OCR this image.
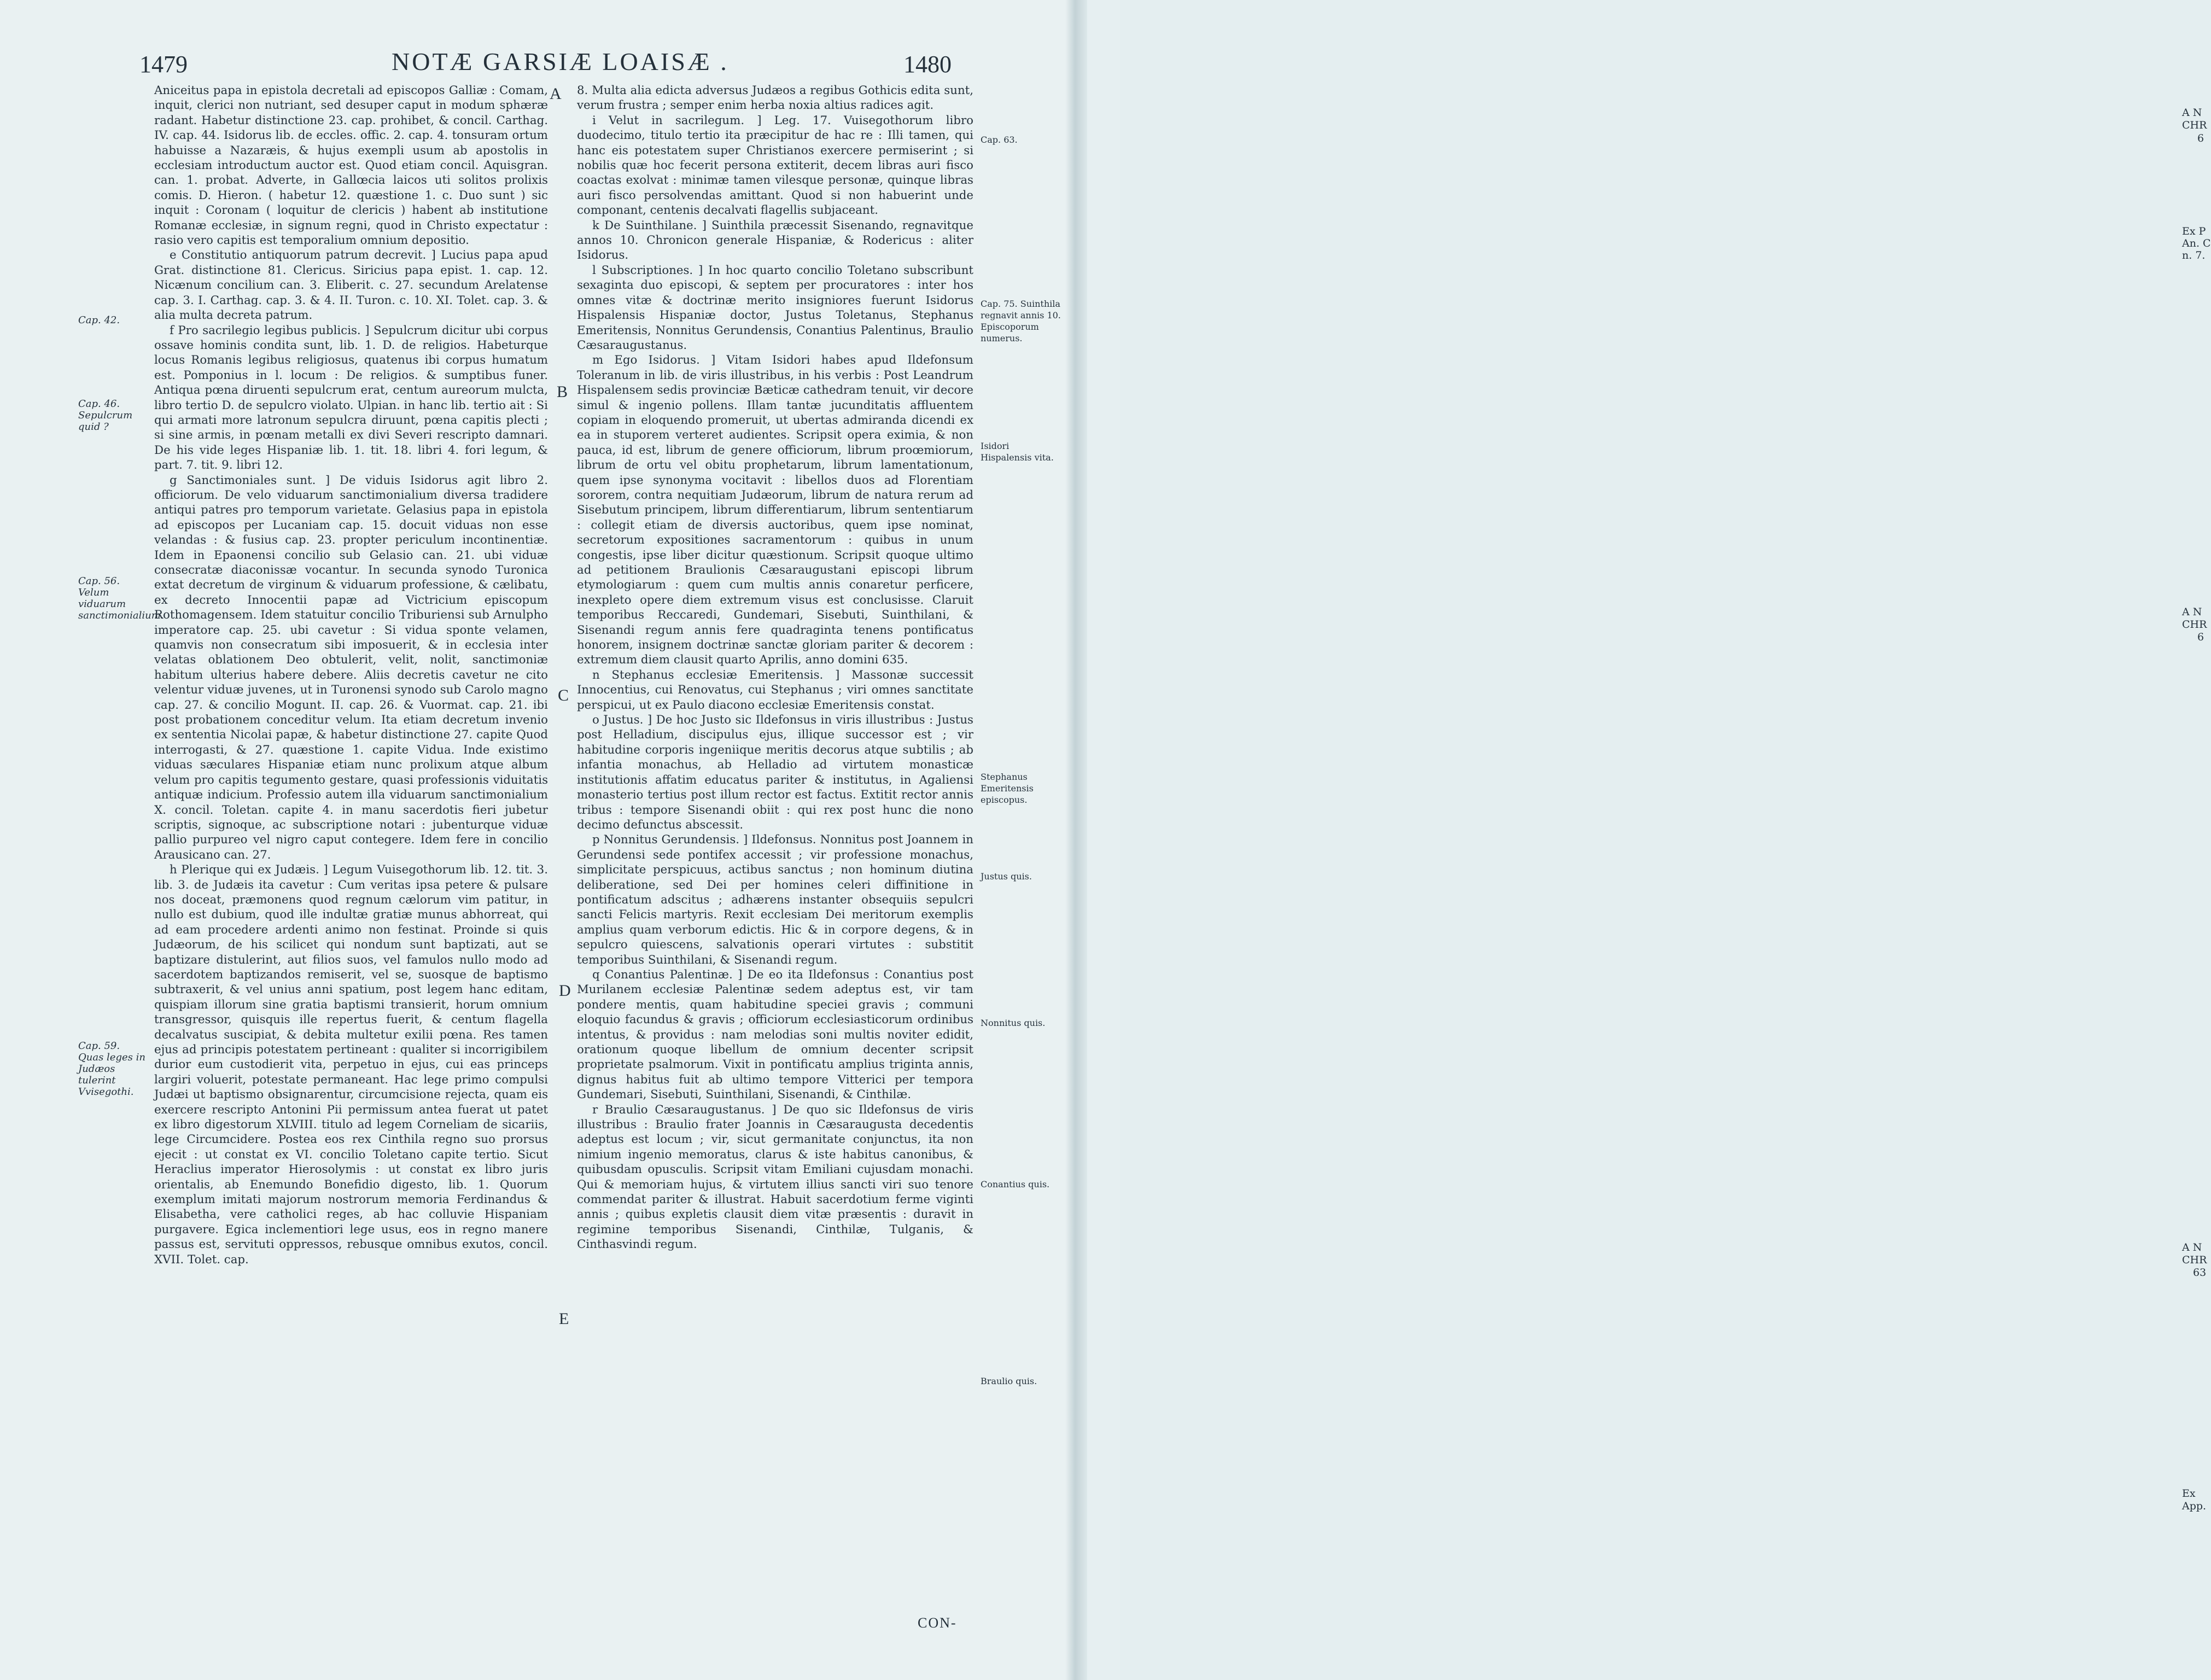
1479	NOTÆ GARSIÆ LOAISÆ .	1480
A
B
C
D
E
Cap. 42.
Cap. 46. Sepulcrum quid ?
Cap. 56. Velum viduarum sanctimonialium.
Cap. 59. Quas leges in Judæos tulerint Vvisegothi.

Aniceitus papa in epistola decretali ad episcopos Galliæ : Comam, inquit, clerici non nutriant, sed desuper caput in modum sphæræ radant. Habetur distinctione 23. cap. prohibet, & concil. Carthag. IV. cap. 44. Isidorus lib. de eccles. offic. 2. cap. 4. tonsuram ortum habuisse a Nazaræis, & hujus exempli usum ab apostolis in ecclesiam introductum auctor est. Quod etiam concil. Aquisgran. can. 1. probat. Adverte, in Gallœcia laicos uti solitos prolixis comis. D. Hieron. ( habetur 12. quæstione 1. c. Duo sunt ) sic inquit : Coronam ( loquitur de clericis ) habent ab institutione Romanæ ecclesiæ, in signum regni, quod in Christo expectatur : rasio vero capitis est temporalium omnium depositio.

e Constitutio antiquorum patrum decrevit. ] Lucius papa apud Grat. distinctione 81. Clericus. Siricius papa epist. 1. cap. 12. Nicænum concilium can. 3. Eliberit. c. 27. secundum Arelatense cap. 3. I. Carthag. cap. 3. & 4. II. Turon. c. 10. XI. Tolet. cap. 3. & alia multa decreta patrum.

f Pro sacrilegio legibus publicis. ] Sepulcrum dicitur ubi corpus ossave hominis condita sunt, lib. 1. D. de religios. Habeturque locus Romanis legibus religiosus, quatenus ibi corpus humatum est. Pomponius in l. locum : De religios. & sumptibus funer. Antiqua pœna diruenti sepulcrum erat, centum aureorum mulcta, libro tertio D. de sepulcro violato. Ulpian. in hanc lib. tertio ait : Si qui armati more latronum sepulcra diruunt, pœna capitis plecti ; si sine armis, in pœnam metalli ex divi Severi rescripto damnari. De his vide leges Hispaniæ lib. 1. tit. 18. libri 4. fori legum, & part. 7. tit. 9. libri 12.

g Sanctimoniales sunt. ] De viduis Isidorus agit libro 2. officiorum. De velo viduarum sanctimonialium diversa tradidere antiqui patres pro temporum varietate. Gelasius papa in epistola ad episcopos per Lucaniam cap. 15. docuit viduas non esse velandas : & fusius cap. 23. propter periculum incontinentiæ. Idem in Epaonensi concilio sub Gelasio can. 21. ubi viduæ consecratæ diaconissæ vocantur. In secunda synodo Turonica extat decretum de virginum & viduarum professione, & cælibatu, ex decreto Innocentii papæ ad Victricium episcopum Rothomagensem. Idem statuitur concilio Triburiensi sub Arnulpho imperatore cap. 25. ubi cavetur : Si vidua sponte velamen, quamvis non consecratum sibi imposuerit, & in ecclesia inter velatas oblationem Deo obtulerit, velit, nolit, sanctimoniæ habitum ulterius habere debere. Aliis decretis cavetur ne cito velentur viduæ juvenes, ut in Turonensi synodo sub Carolo magno cap. 27. & concilio Mogunt. II. cap. 26. & Vuormat. cap. 21. ibi post probationem conceditur velum. Ita etiam decretum invenio ex sententia Nicolai papæ, & habetur distinctione 27. capite Quod interrogasti, & 27. quæstione 1. capite Vidua. Inde existimo viduas sæculares Hispaniæ etiam nunc prolixum atque album velum pro capitis tegumento gestare, quasi professionis viduitatis antiquæ indicium. Professio autem illa viduarum sanctimonialium X. concil. Toletan. capite 4. in manu sacerdotis fieri jubetur scriptis, signoque, ac subscriptione notari : jubenturque viduæ pallio purpureo vel nigro caput contegere. Idem fere in concilio Arausicano can. 27.

h Plerique qui ex Judæis. ] Legum Vuisegothorum lib. 12. tit. 3. lib. 3. de Judæis ita cavetur : Cum veritas ipsa petere & pulsare nos doceat, præmonens quod regnum cælorum vim patitur, in nullo est dubium, quod ille indultæ gratiæ munus abhorreat, qui ad eam procedere ardenti animo non festinat. Proinde si quis Judæorum, de his scilicet qui nondum sunt baptizati, aut se baptizare distulerint, aut filios suos, vel famulos nullo modo ad sacerdotem baptizandos remiserit, vel se, suosque de baptismo subtraxerit, & vel unius anni spatium, post legem hanc editam, quispiam illorum sine gratia baptismi transierit, horum omnium transgressor, quisquis ille repertus fuerit, & centum flagella decalvatus suscipiat, & debita multetur exilii pœna. Res tamen ejus ad principis potestatem pertineant : qualiter si incorrigibilem durior eum custodierit vita, perpetuo in ejus, cui eas princeps largiri voluerit, potestate permaneant. Hac lege primo compulsi Judæi ut baptismo obsignarentur, circumcisione rejecta, quam eis exercere rescripto Antonini Pii permissum antea fuerat ut patet ex libro digestorum XLVIII. titulo ad legem Corneliam de sicariis, lege Circumcidere. Postea eos rex Cinthila regno suo prorsus ejecit : ut constat ex VI. concilio Toletano capite tertio. Sicut Heraclius imperator Hierosolymis : ut constat ex libro juris orientalis, ab Enemundo Bonefidio digesto, lib. 1. Quorum exemplum imitati majorum nostrorum memoria Ferdinandus & Elisabetha, vere catholici reges, ab hac colluvie Hispaniam purgavere. Egica inclementiori lege usus, eos in regno manere passus est, servituti oppressos, rebusque omnibus exutos, concil. XVII. Tolet. cap.

8. Multa alia edicta adversus Judæos a regibus Gothicis edita sunt, verum frustra ; semper enim herba noxia altius radices agit.

i Velut in sacrilegum. ] Leg. 17. Vuisegothorum libro duodecimo, titulo tertio ita præcipitur de hac re : Illi tamen, qui hanc eis potestatem super Christianos exercere permiserint ; si nobilis quæ hoc fecerit persona extiterit, decem libras auri fisco coactas exolvat : minimæ tamen vilesque personæ, quinque libras auri fisco persolvendas amittant. Quod si non habuerint unde componant, centenis decalvati flagellis subjaceant.

k De Suinthilane. ] Suinthila præcessit Sisenando, regnavitque annos 10. Chronicon generale Hispaniæ, & Rodericus : aliter Isidorus.

l Subscriptiones. ] In hoc quarto concilio Toletano subscribunt sexaginta duo episcopi, & septem per procuratores : inter hos omnes vitæ & doctrinæ merito insigniores fuerunt Isidorus Hispalensis Hispaniæ doctor, Justus Toletanus, Stephanus Emeritensis, Nonnitus Gerundensis, Conantius Palentinus, Braulio Cæsaraugustanus.

m Ego Isidorus. ] Vitam Isidori habes apud Ildefonsum Toleranum in lib. de viris illustribus, in his verbis : Post Leandrum Hispalensem sedis provinciæ Bæticæ cathedram tenuit, vir decore simul & ingenio pollens. Illam tantæ jucunditatis affluentem copiam in eloquendo promeruit, ut ubertas admiranda dicendi ex ea in stuporem verteret audientes. Scripsit opera eximia, & non pauca, id est, librum de genere officiorum, librum proœmiorum, librum de ortu vel obitu prophetarum, librum lamentationum, quem ipse synonyma vocitavit : libellos duos ad Florentiam sororem, contra nequitiam Judæorum, librum de natura rerum ad Sisebutum principem, librum differentiarum, librum sententiarum : collegit etiam de diversis auctoribus, quem ipse nominat, secretorum expositiones sacramentorum : quibus in unum congestis, ipse liber dicitur quæstionum. Scripsit quoque ultimo ad petitionem Braulionis Cæsaraugustani episcopi librum etymologiarum : quem cum multis annis conaretur perficere, inexpleto opere diem extremum visus est conclusisse. Claruit temporibus Reccaredi, Gundemari, Sisebuti, Suinthilani, & Sisenandi regum annis fere quadraginta tenens pontificatus honorem, insignem doctrinæ sanctæ gloriam pariter & decorem : extremum diem clausit quarto Aprilis, anno domini 635.

n Stephanus ecclesiæ Emeritensis. ] Massonæ successit Innocentius, cui Renovatus, cui Stephanus ; viri omnes sanctitate perspicui, ut ex Paulo diacono ecclesiæ Emeritensis constat.

o Justus. ] De hoc Justo sic Ildefonsus in viris illustribus : Justus post Helladium, discipulus ejus, illique successor est ; vir habitudine corporis ingeniique meritis decorus atque subtilis ; ab infantia monachus, ab Helladio ad virtutem monasticæ institutionis affatim educatus pariter & institutus, in Agaliensi monasterio tertius post illum rector est factus. Extitit rector annis tribus : tempore Sisenandi obiit : qui rex post hunc die nono decimo defunctus abscessit.

p Nonnitus Gerundensis. ] Ildefonsus. Nonnitus post Joannem in Gerundensi sede pontifex accessit ; vir professione monachus, simplicitate perspicuus, actibus sanctus ; non hominum diutina deliberatione, sed Dei per homines celeri diffinitione in pontificatum adscitus ; adhærens instanter obsequiis sepulcri sancti Felicis martyris. Rexit ecclesiam Dei meritorum exemplis amplius quam verborum edictis. Hic & in corpore degens, & in sepulcro quiescens, salvationis operari virtutes : substitit temporibus Suinthilani, & Sisenandi regum.

q Conantius Palentinæ. ] De eo ita Ildefonsus : Conantius post Murilanem ecclesiæ Palentinæ sedem adeptus est, vir tam pondere mentis, quam habitudine speciei gravis ; communi eloquio facundus & gravis ; officiorum ecclesiasticorum ordinibus intentus, & providus : nam melodias soni multis noviter edidit, orationum quoque libellum de omnium decenter scripsit proprietate psalmorum. Vixit in pontificatu amplius triginta annis, dignus habitus fuit ab ultimo tempore Vitterici per tempora Gundemari, Sisebuti, Suinthilani, Sisenandi, & Cinthilæ.

r Braulio Cæsaraugustanus. ] De quo sic Ildefonsus de viris illustribus : Braulio frater Joannis in Cæsaraugusta decedentis adeptus est locum ; vir, sicut germanitate conjunctus, ita non nimium ingenio memoratus, clarus & iste habitus canonibus, & quibusdam opusculis. Scripsit vitam Emiliani cujusdam monachi. Qui & memoriam hujus, & virtutem illius sancti viri suo tenore commendat pariter & illustrat. Habuit sacerdotium ferme viginti annis ; quibus expletis clausit diem vitæ præsentis : duravit in regimine temporibus Sisenandi, Cinthilæ, Tulganis, & Cinthasvindi regum.

Cap. 63.
Cap. 75. Suinthila regnavit annis 10. Episcoporum numerus.
Isidori Hispalensis vita.
Stephanus Emeritensis episcopus.
Justus quis.
Nonnitus quis.
Conantius quis.
Braulio quis.
CON-
A N
CHR
6
Ex P
An. C
n. 7.
A N
CHR
6
A N
CHR
63
Ex
App.
